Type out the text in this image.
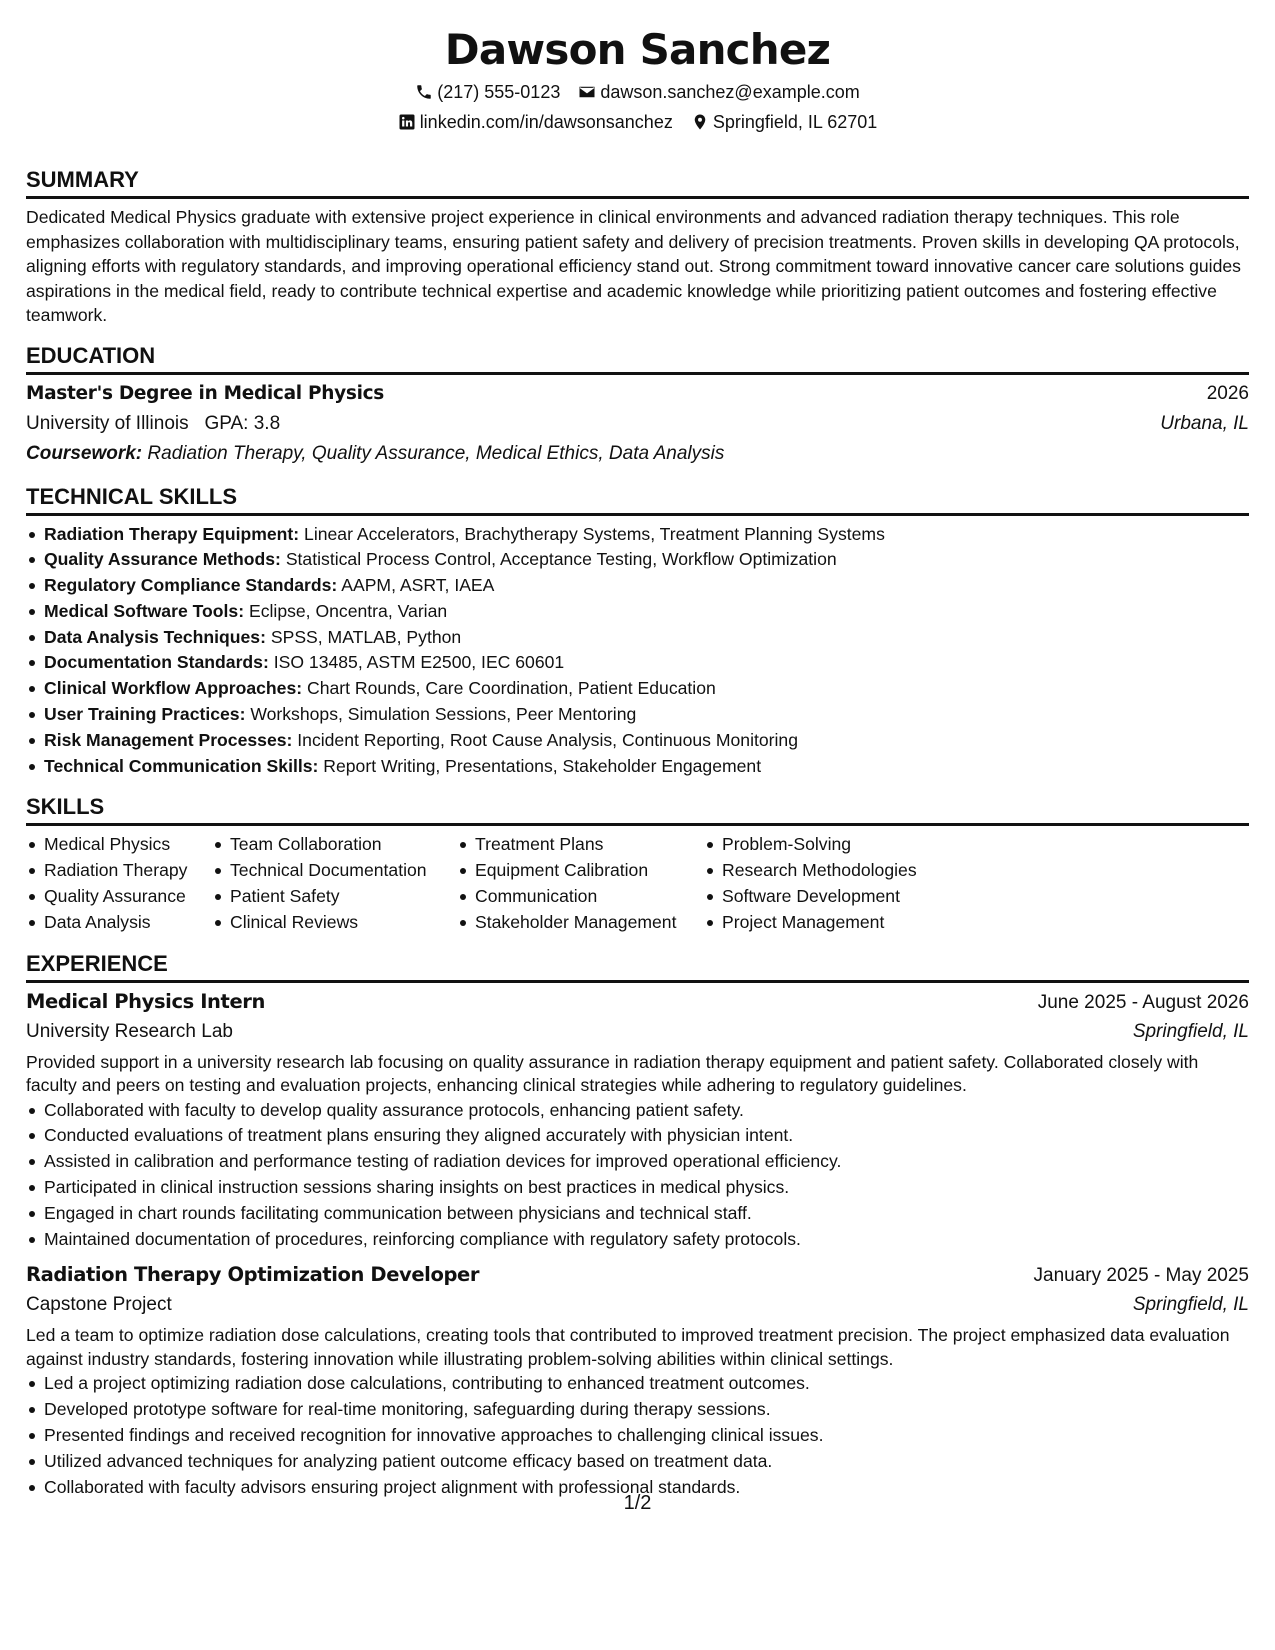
Dawson Sanchez
(217) 555-0123 dawson.sanchez@example.com
linkedin.com/in/dawsonsanchez Springfield, IL 62701
SUMMARY

Dedicated Medical Physics graduate with extensive project experience in clinical environments and advanced radiation therapy techniques. This role emphasizes collaboration with multidisciplinary teams, ensuring patient safety and delivery of precision treatments. Proven skills in developing QA protocols, aligning efforts with regulatory standards, and improving operational efficiency stand out. Strong commitment toward innovative cancer care solutions guides aspirations in the medical field, ready to contribute technical expertise and academic knowledge while prioritizing patient outcomes and fostering effective teamwork.

EDUCATION
Master's Degree in Medical Physics	2026
University of Illinois GPA: 3.8	Urbana, IL
Coursework: Radiation Therapy, Quality Assurance, Medical Ethics, Data Analysis
TECHNICAL SKILLS
Radiation Therapy Equipment: Linear Accelerators, Brachytherapy Systems, Treatment Planning Systems
Quality Assurance Methods: Statistical Process Control, Acceptance Testing, Workflow Optimization
Regulatory Compliance Standards: AAPM, ASRT, IAEA
Medical Software Tools: Eclipse, Oncentra, Varian
Data Analysis Techniques: SPSS, MATLAB, Python
Documentation Standards: ISO 13485, ASTM E2500, IEC 60601
Clinical Workflow Approaches: Chart Rounds, Care Coordination, Patient Education
User Training Practices: Workshops, Simulation Sessions, Peer Mentoring
Risk Management Processes: Incident Reporting, Root Cause Analysis, Continuous Monitoring
Technical Communication Skills: Report Writing, Presentations, Stakeholder Engagement
SKILLS
Medical Physics
Radiation Therapy
Quality Assurance
Data Analysis
Team Collaboration
Technical Documentation
Patient Safety
Clinical Reviews
Treatment Plans
Equipment Calibration
Communication
Stakeholder Management
Problem-Solving
Research Methodologies
Software Development
Project Management
EXPERIENCE
Medical Physics Intern	June 2025 - August 2026
University Research Lab	Springfield, IL

Provided support in a university research lab focusing on quality assurance in radiation therapy equipment and patient safety. Collaborated closely with faculty and peers on testing and evaluation projects, enhancing clinical strategies while adhering to regulatory guidelines.

Collaborated with faculty to develop quality assurance protocols, enhancing patient safety.
Conducted evaluations of treatment plans ensuring they aligned accurately with physician intent.
Assisted in calibration and performance testing of radiation devices for improved operational efficiency.
Participated in clinical instruction sessions sharing insights on best practices in medical physics.
Engaged in chart rounds facilitating communication between physicians and technical staff.
Maintained documentation of procedures, reinforcing compliance with regulatory safety protocols.
Radiation Therapy Optimization Developer	January 2025 - May 2025
Capstone Project	Springfield, IL

Led a team to optimize radiation dose calculations, creating tools that contributed to improved treatment precision. The project emphasized data evaluation against industry standards, fostering innovation while illustrating problem-solving abilities within clinical settings.

Led a project optimizing radiation dose calculations, contributing to enhanced treatment outcomes.
Developed prototype software for real-time monitoring, safeguarding during therapy sessions.
Presented findings and received recognition for innovative approaches to challenging clinical issues.
Utilized advanced techniques for analyzing patient outcome efficacy based on treatment data.
Collaborated with faculty advisors ensuring project alignment with professional standards.
1/2
